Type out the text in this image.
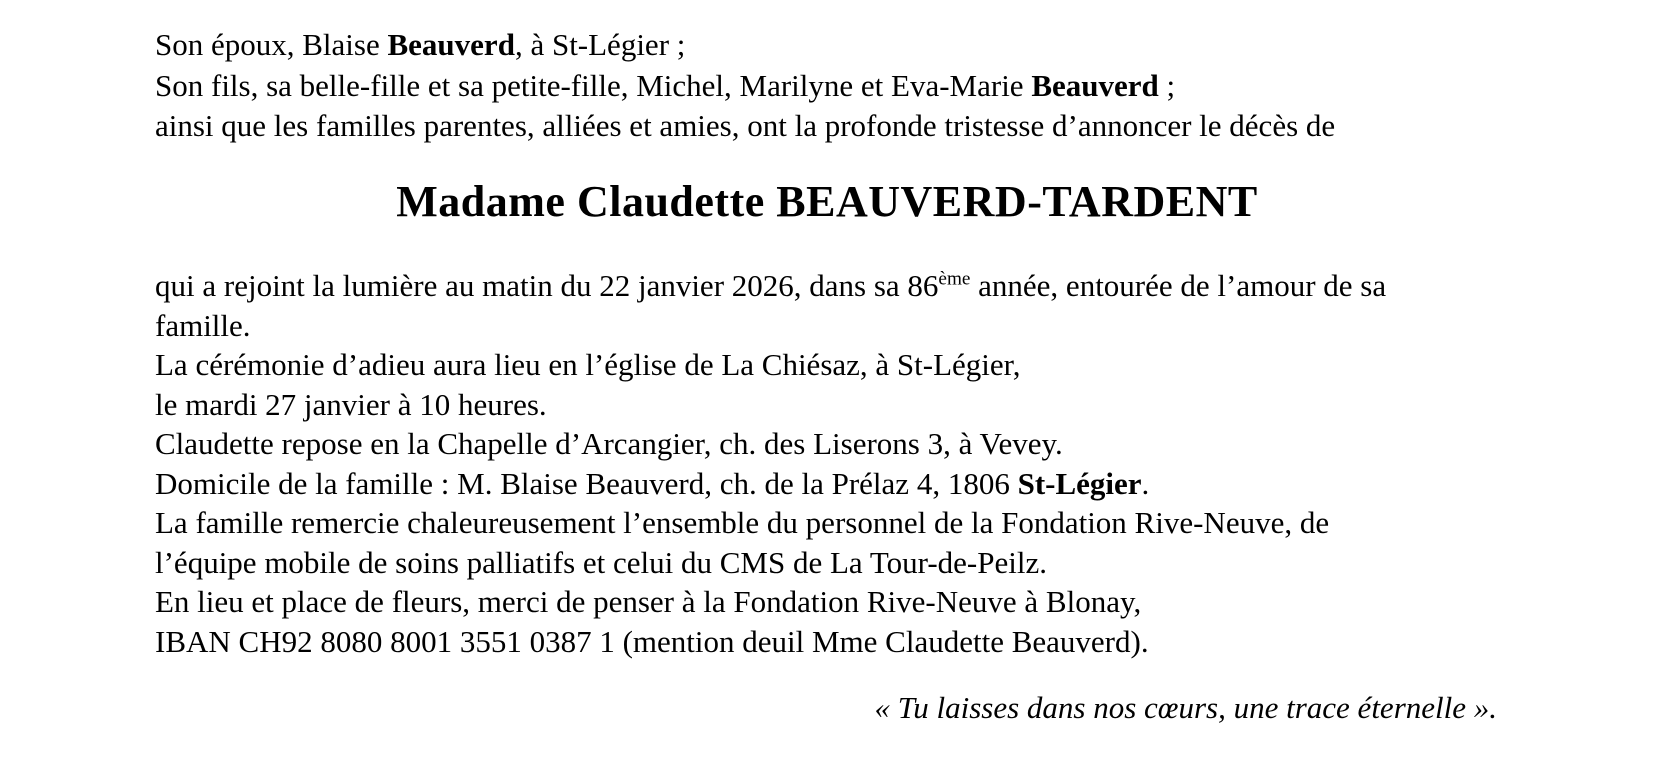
Son époux, Blaise Beauverd, à St-Légier ;
Son fils, sa belle-fille et sa petite-fille, Michel, Marilyne et Eva-Marie Beauverd ;
ainsi que les familles parentes, alliées et amies, ont la profonde tristesse d’annoncer le décès de
Madame Claudette BEAUVERD-TARDENT
qui a rejoint la lumière au matin du 22 janvier 2026, dans sa 86ème année, entourée de l’amour de sa
famille.
La cérémonie d’adieu aura lieu en l’église de La Chiésaz, à St-Légier,
le mardi 27 janvier à 10 heures.
Claudette repose en la Chapelle d’Arcangier, ch. des Liserons 3, à Vevey.
Domicile de la famille : M. Blaise Beauverd, ch. de la Prélaz 4, 1806 St-Légier.
La famille remercie chaleureusement l’ensemble du personnel de la Fondation Rive-Neuve, de
l’équipe mobile de soins palliatifs et celui du CMS de La Tour-de-Peilz.
En lieu et place de fleurs, merci de penser à la Fondation Rive-Neuve à Blonay,
IBAN CH92 8080 8001 3551 0387 1 (mention deuil Mme Claudette Beauverd).
« Tu laisses dans nos cœurs, une trace éternelle ».
